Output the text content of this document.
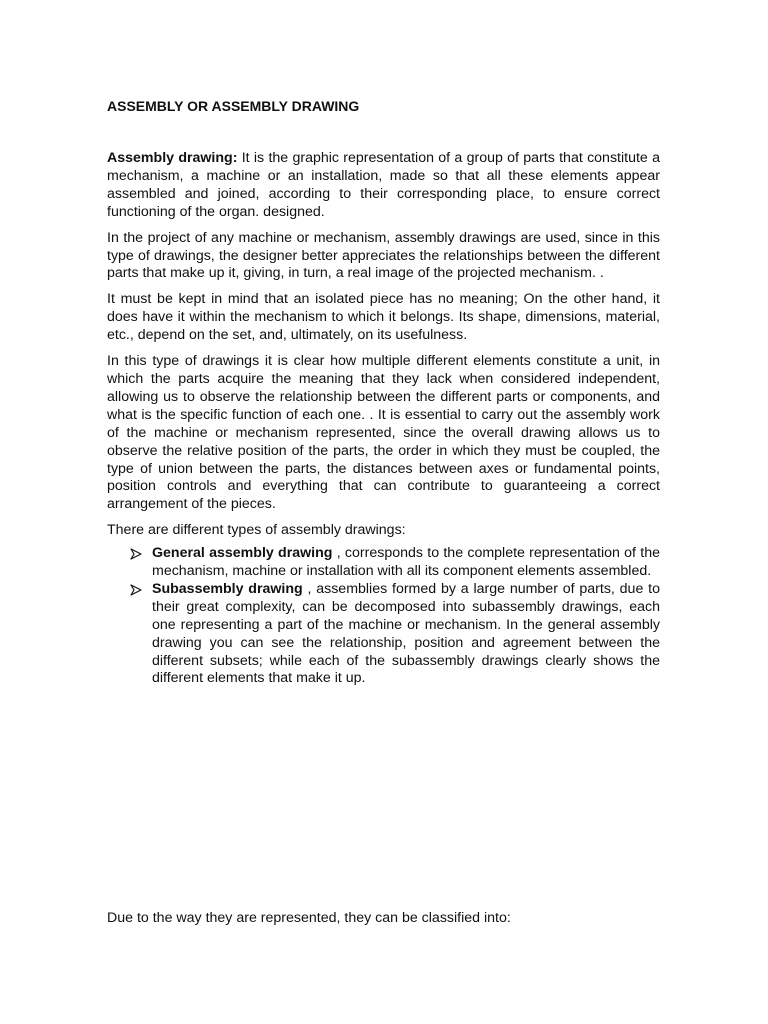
ASSEMBLY OR ASSEMBLY DRAWING

Assembly drawing: It is the graphic representation of a group of parts that constitute a mechanism, a machine or an installation, made so that all these elements appear assembled and joined, according to their corresponding place, to ensure correct functioning of the organ. designed.

In the project of any machine or mechanism, assembly drawings are used, since in this type of drawings, the designer better appreciates the relationships between the different parts that make up it, giving, in turn, a real image of the projected mechanism. .

It must be kept in mind that an isolated piece has no meaning; On the other hand, it does have it within the mechanism to which it belongs. Its shape, dimensions, material, etc., depend on the set, and, ultimately, on its usefulness.

In this type of drawings it is clear how multiple different elements constitute a unit, in which the parts acquire the meaning that they lack when considered independent, allowing us to observe the relationship between the different parts or components, and what is the specific function of each one. . It is essential to carry out the assembly work of the machine or mechanism represented, since the overall drawing allows us to observe the relative position of the parts, the order in which they must be coupled, the type of union between the parts, the distances between axes or fundamental points, position controls and everything that can contribute to guaranteeing a correct arrangement of the pieces.

There are different types of assembly drawings:

General assembly drawing , corresponds to the complete representation of the mechanism, machine or installation with all its component elements assembled.
Subassembly drawing , assemblies formed by a large number of parts, due to their great complexity, can be decomposed into subassembly drawings, each one representing a part of the machine or mechanism. In the general assembly drawing you can see the relationship, position and agreement between the different subsets; while each of the subassembly drawings clearly shows the different elements that make it up.

Due to the way they are represented, they can be classified into:
